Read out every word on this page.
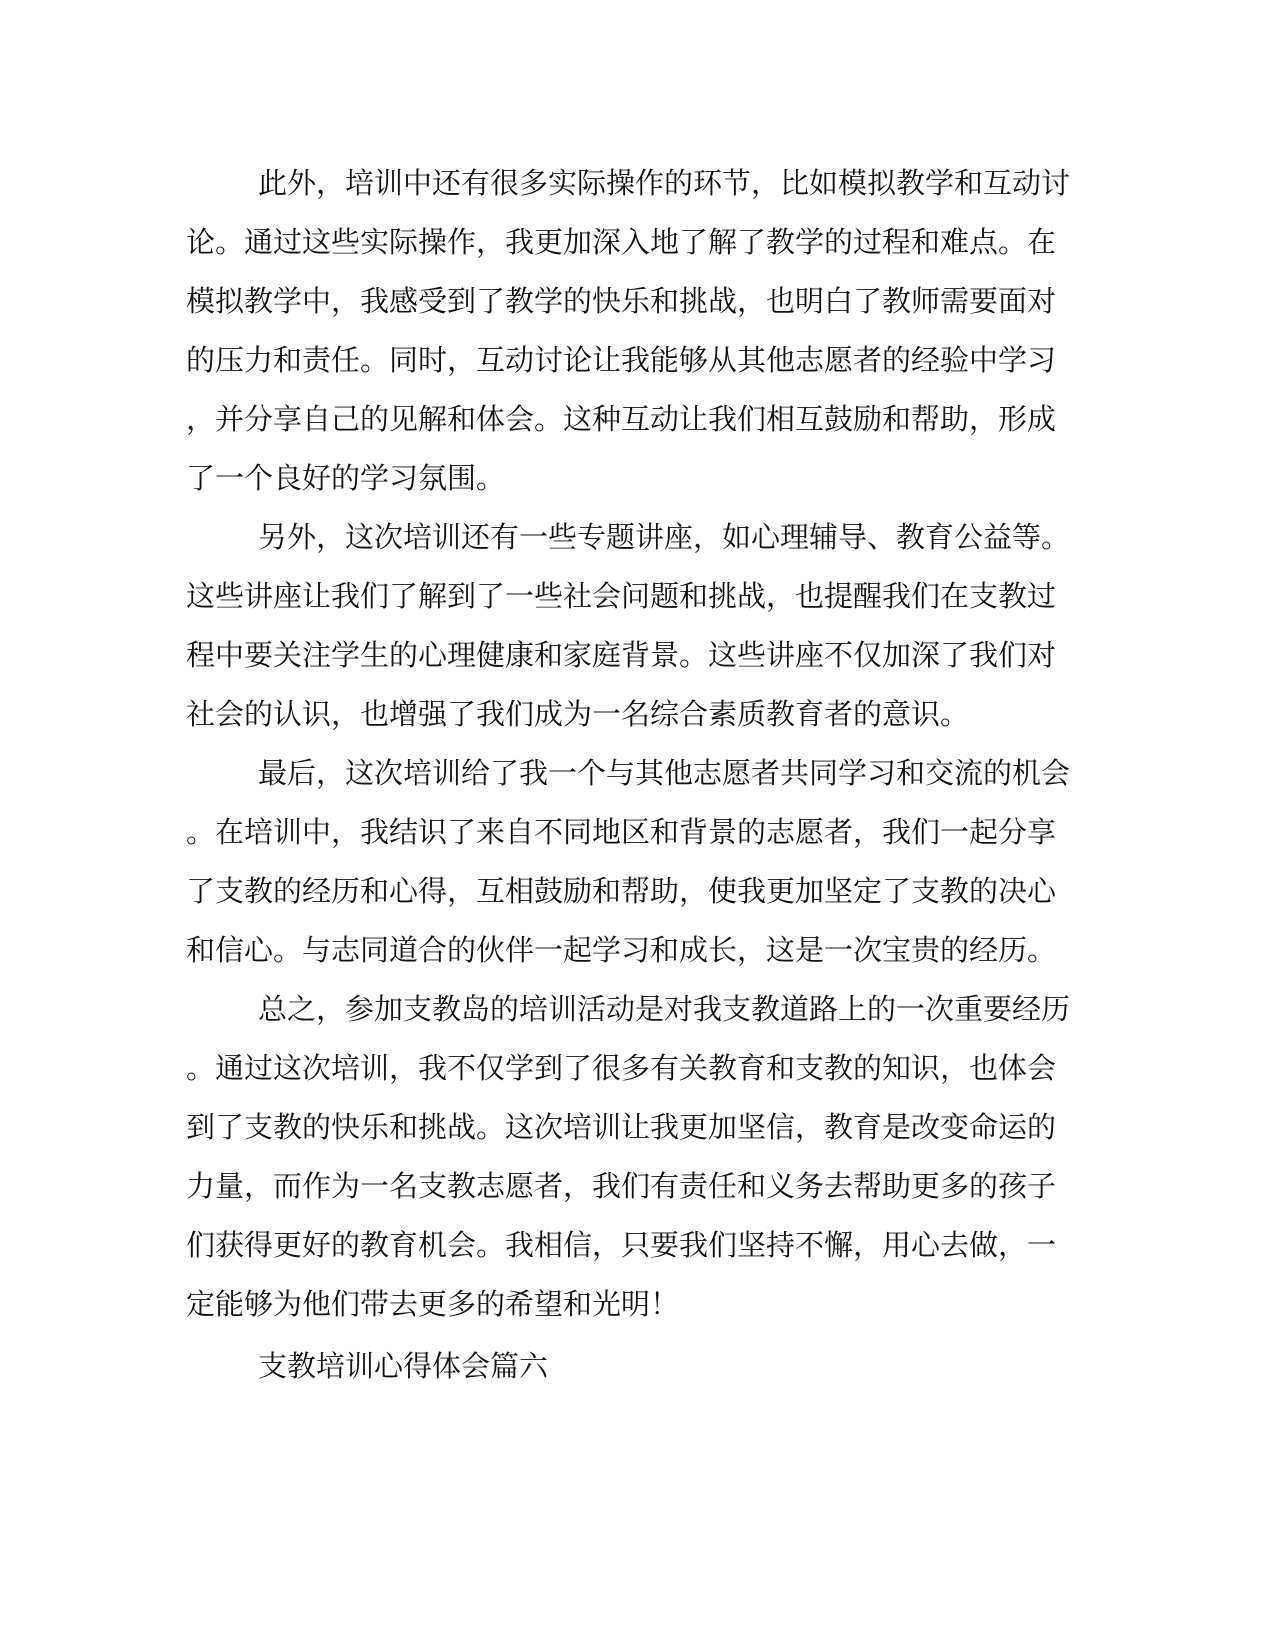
此外，培训中还有很多实际操作的环节，比如模拟教学和互动讨
论。通过这些实际操作，我更加深入地了解了教学的过程和难点。在
模拟教学中，我感受到了教学的快乐和挑战，也明白了教师需要面对
的压力和责任。同时，互动讨论让我能够从其他志愿者的经验中学习
，并分享自己的见解和体会。这种互动让我们相互鼓励和帮助，形成
了一个良好的学习氛围。
另外，这次培训还有一些专题讲座，如心理辅导、教育公益等。
这些讲座让我们了解到了一些社会问题和挑战，也提醒我们在支教过
程中要关注学生的心理健康和家庭背景。这些讲座不仅加深了我们对
社会的认识，也增强了我们成为一名综合素质教育者的意识。
最后，这次培训给了我一个与其他志愿者共同学习和交流的机会
。在培训中，我结识了来自不同地区和背景的志愿者，我们一起分享
了支教的经历和心得，互相鼓励和帮助，使我更加坚定了支教的决心
和信心。与志同道合的伙伴一起学习和成长，这是一次宝贵的经历。
总之，参加支教岛的培训活动是对我支教道路上的一次重要经历
。通过这次培训，我不仅学到了很多有关教育和支教的知识，也体会
到了支教的快乐和挑战。这次培训让我更加坚信，教育是改变命运的
力量，而作为一名支教志愿者，我们有责任和义务去帮助更多的孩子
们获得更好的教育机会。我相信，只要我们坚持不懈，用心去做，一
定能够为他们带去更多的希望和光明！
支教培训心得体会篇六
